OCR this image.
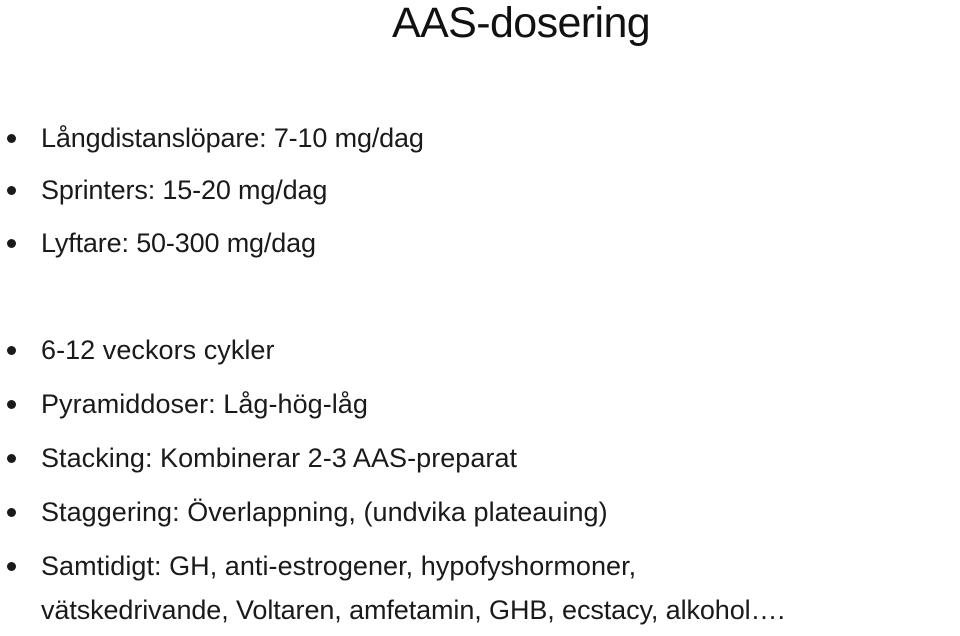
AAS-dosering
Långdistanslöpare: 7-10 mg/dag
Sprinters: 15-20 mg/dag
Lyftare: 50-300 mg/dag
6-12 veckors cykler
Pyramiddoser: Låg-hög-låg
Stacking: Kombinerar 2-3 AAS-preparat
Staggering: Överlappning, (undvika plateauing)
Samtidigt: GH, anti-estrogener, hypofyshormoner,
vätskedrivande, Voltaren, amfetamin, GHB, ecstacy, alkohol….
